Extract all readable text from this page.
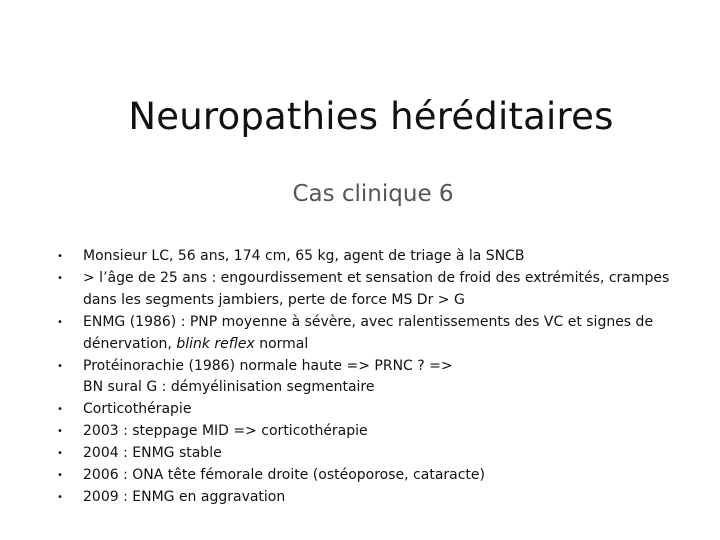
Neuropathies héréditaires
Cas clinique 6
• Monsieur LC, 56 ans, 174 cm, 65 kg, agent de triage à la SNCB
• > l’âge de 25 ans : engourdissement et sensation de froid des extrémités, crampes dans les segments jambiers, perte de force MS Dr > G
• ENMG (1986) : PNP moyenne à sévère, avec ralentissements des VC et signes de dénervation, blink reflex normal
• Protéinorachie (1986) normale haute => PRNC ? =>
BN sural G : démyélinisation segmentaire
• Corticothérapie
• 2003 : steppage MID => corticothérapie
• 2004 : ENMG stable
• 2006 : ONA tête fémorale droite (ostéoporose, cataracte)
• 2009 : ENMG en aggravation
